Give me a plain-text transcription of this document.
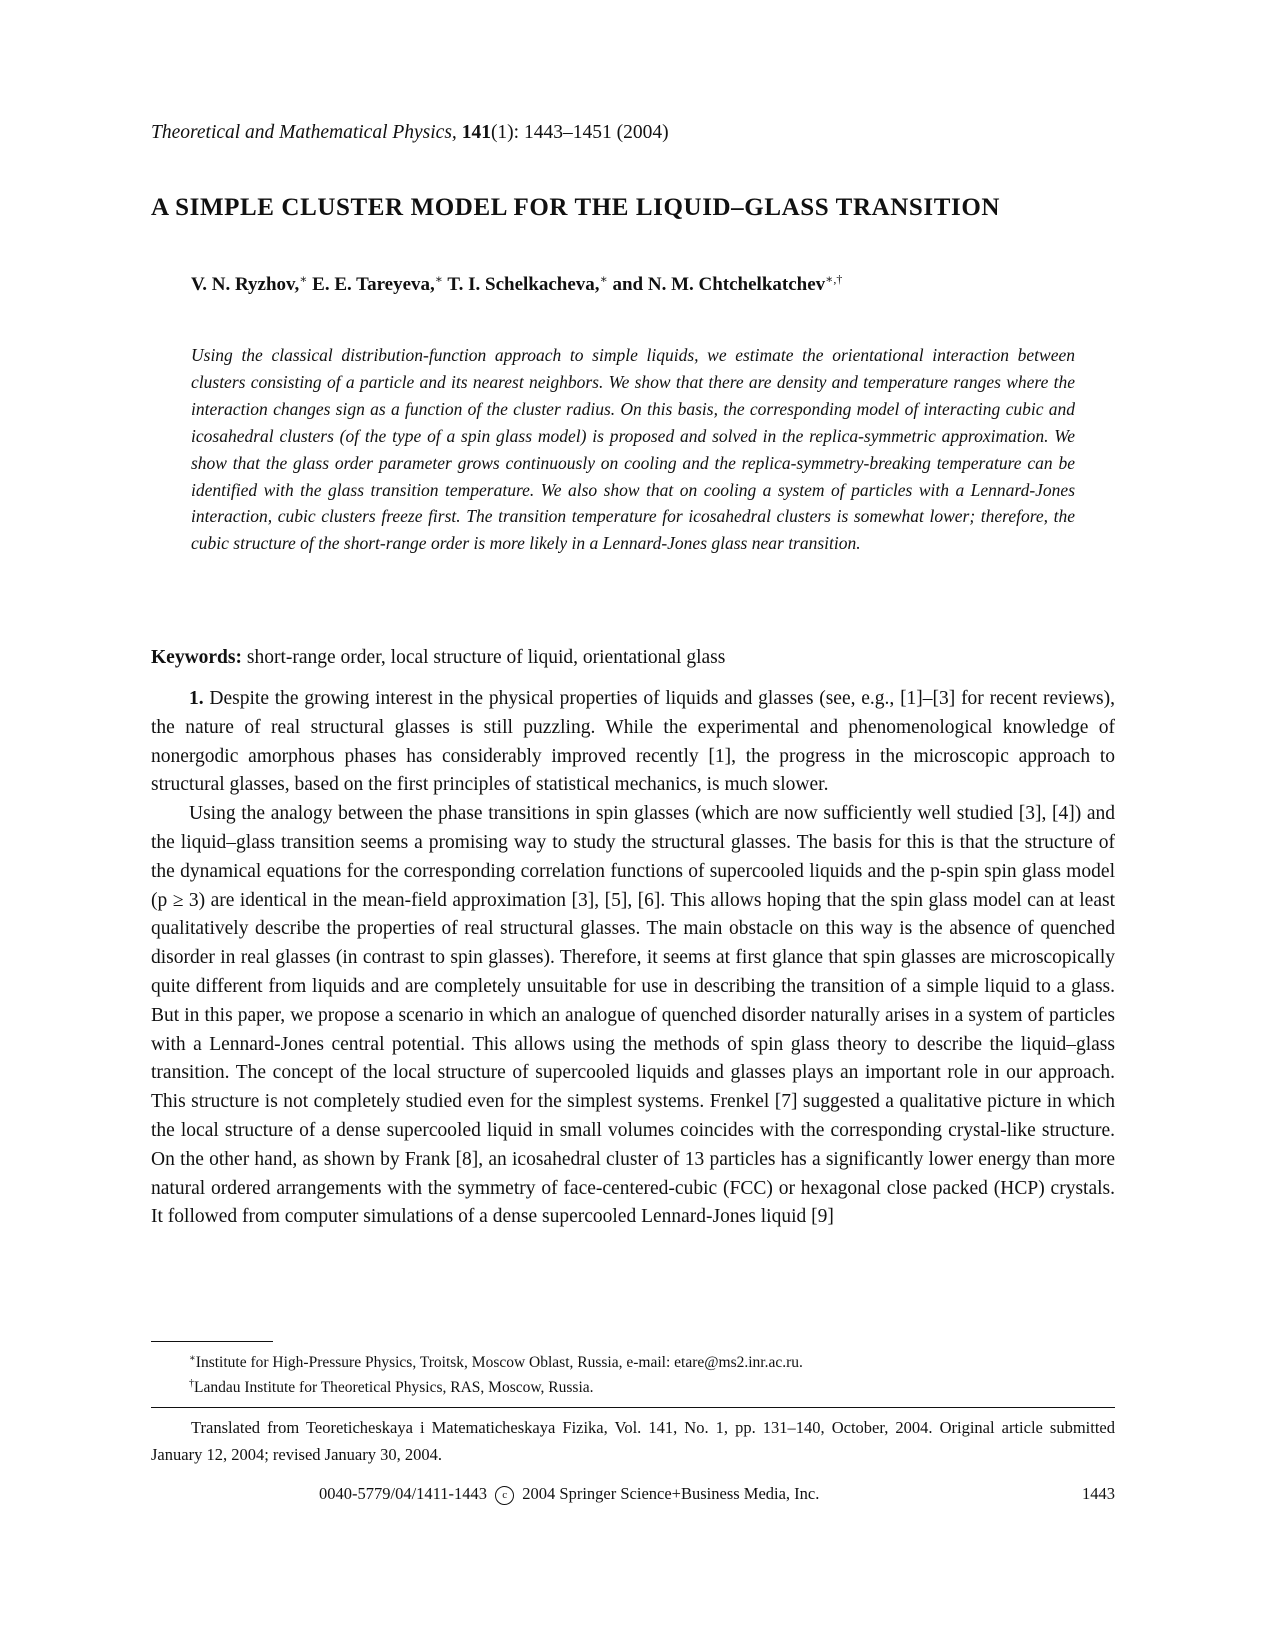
Theoretical and Mathematical Physics, 141(1): 1443–1451 (2004)
A SIMPLE CLUSTER MODEL FOR THE LIQUID–GLASS TRANSITION
V. N. Ryzhov,∗ E. E. Tareyeva,∗ T. I. Schelkacheva,∗ and N. M. Chtchelkatchev∗,†

Using the classical distribution-function approach to simple liquids, we estimate the orientational interaction between clusters consisting of a particle and its nearest neighbors. We show that there are density and temperature ranges where the interaction changes sign as a function of the cluster radius. On this basis, the corresponding model of interacting cubic and icosahedral clusters (of the type of a spin glass model) is proposed and solved in the replica-symmetric approximation. We show that the glass order parameter grows continuously on cooling and the replica-symmetry-breaking temperature can be identified with the glass transition temperature. We also show that on cooling a system of particles with a Lennard-Jones interaction, cubic clusters freeze first. The transition temperature for icosahedral clusters is somewhat lower; therefore, the cubic structure of the short-range order is more likely in a Lennard-Jones glass near transition.

Keywords: short-range order, local structure of liquid, orientational glass

1. Despite the growing interest in the physical properties of liquids and glasses (see, e.g., [1]–[3] for recent reviews), the nature of real structural glasses is still puzzling. While the experimental and phenomenological knowledge of nonergodic amorphous phases has considerably improved recently [1], the progress in the microscopic approach to structural glasses, based on the first principles of statistical mechanics, is much slower.

Using the analogy between the phase transitions in spin glasses (which are now sufficiently well studied [3], [4]) and the liquid–glass transition seems a promising way to study the structural glasses. The basis for this is that the structure of the dynamical equations for the corresponding correlation functions of supercooled liquids and the p-spin spin glass model (p ≥ 3) are identical in the mean-field approximation [3], [5], [6]. This allows hoping that the spin glass model can at least qualitatively describe the properties of real structural glasses. The main obstacle on this way is the absence of quenched disorder in real glasses (in contrast to spin glasses). Therefore, it seems at first glance that spin glasses are microscopically quite different from liquids and are completely unsuitable for use in describing the transition of a simple liquid to a glass. But in this paper, we propose a scenario in which an analogue of quenched disorder naturally arises in a system of particles with a Lennard-Jones central potential. This allows using the methods of spin glass theory to describe the liquid–glass transition. The concept of the local structure of supercooled liquids and glasses plays an important role in our approach. This structure is not completely studied even for the simplest systems. Frenkel [7] suggested a qualitative picture in which the local structure of a dense supercooled liquid in small volumes coincides with the corresponding crystal-like structure. On the other hand, as shown by Frank [8], an icosahedral cluster of 13 particles has a significantly lower energy than more natural ordered arrangements with the symmetry of face-centered-cubic (FCC) or hexagonal close packed (HCP) crystals. It followed from computer simulations of a dense supercooled Lennard-Jones liquid [9]

∗Institute for High-Pressure Physics, Troitsk, Moscow Oblast, Russia, e-mail: etare@ms2.inr.ac.ru.
†Landau Institute for Theoretical Physics, RAS, Moscow, Russia.
Translated from Teoreticheskaya i Matematicheskaya Fizika, Vol. 141, No. 1, pp. 131–140, October, 2004. Original article submitted January 12, 2004; revised January 30, 2004.
0040-5779/04/1411-1443 c 2004 Springer Science+Business Media, Inc.	1443
